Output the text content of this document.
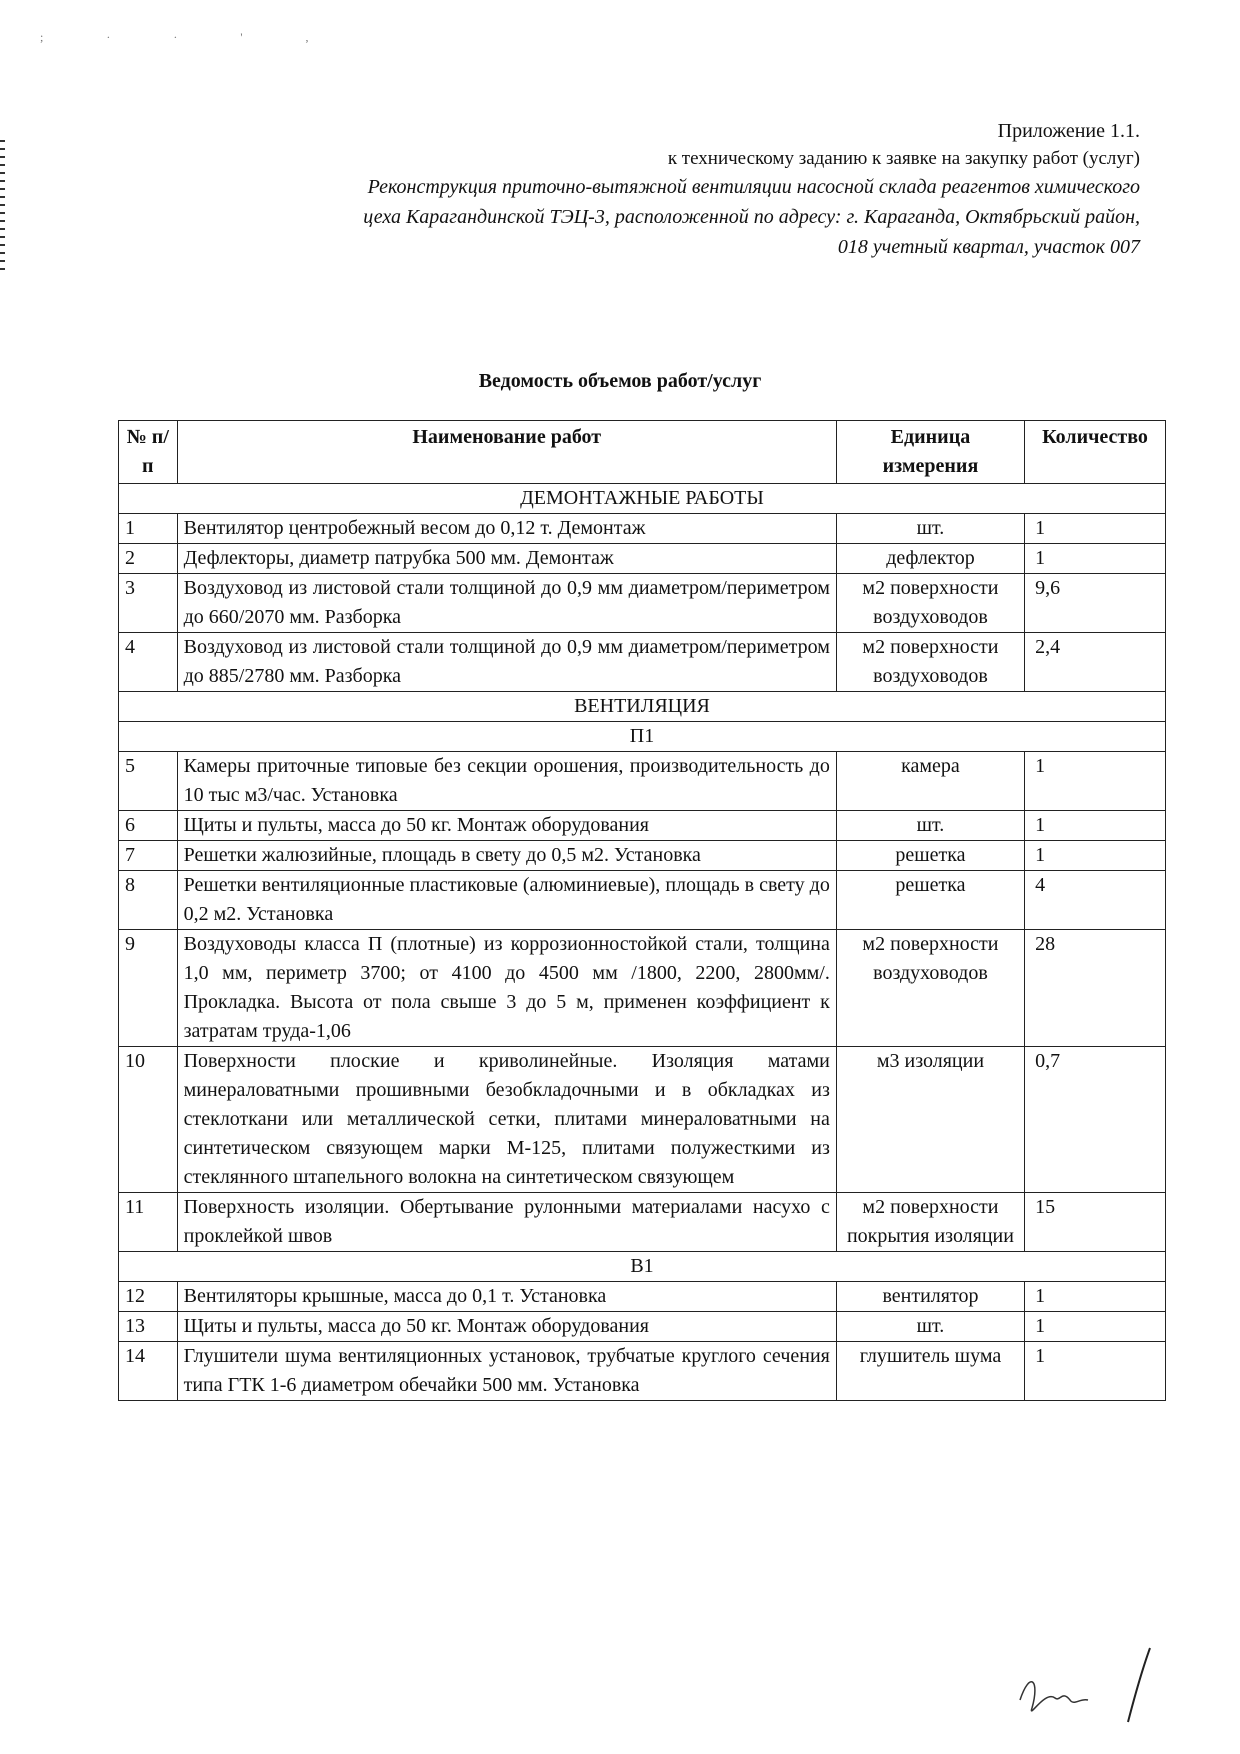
; · · ' ,
Приложение 1.1.
к техническому заданию к заявке на закупку работ (услуг)
Реконструкция приточно-вытяжной вентиляции насосной склада реагентов химического
цеха Карагандинской ТЭЦ-3, расположенной по адресу: г. Караганда, Октябрьский район,
018 учетный квартал, участок 007
Ведомость объемов работ/услуг
№ п/п	Наименование работ	Единица измерения	Количество
ДЕМОНТАЖНЫЕ РАБОТЫ			
1	Вентилятор центробежный весом до 0,12 т. Демонтаж	шт.	1
2	Дефлекторы, диаметр патрубка 500 мм. Демонтаж	дефлектор	1
3	Воздуховод из листовой стали толщиной до 0,9 мм диаметром/периметром до 660/2070 мм. Разборка	м2 поверхности воздуховодов	9,6
4	Воздуховод из листовой стали толщиной до 0,9 мм диаметром/периметром до 885/2780 мм. Разборка	м2 поверхности воздуховодов	2,4
ВЕНТИЛЯЦИЯ			
П1			
5	Камеры приточные типовые без секции орошения, производительность до 10 тыс м3/час. Установка	камера	1
6	Щиты и пульты, масса до 50 кг. Монтаж оборудования	шт.	1
7	Решетки жалюзийные, площадь в свету до 0,5 м2. Установка	решетка	1
8	Решетки вентиляционные пластиковые (алюминиевые), площадь в свету до 0,2 м2. Установка	решетка	4
9	Воздуховоды класса П (плотные) из коррозионностойкой стали, толщина 1,0 мм, периметр 3700; от 4100 до 4500 мм /1800, 2200, 2800мм/. Прокладка. Высота от пола свыше 3 до 5 м, применен коэффициент к затратам труда-1,06	м2 поверхности воздуховодов	28
10	Поверхности плоские и криволинейные. Изоляция матами минераловатными прошивными безобкладочными и в обкладках из стеклоткани или металлической сетки, плитами минераловатными на синтетическом связующем марки М-125, плитами полужесткими из стеклянного штапельного волокна на синтетическом связующем	м3 изоляции	0,7
11	Поверхность изоляции. Обертывание рулонными материалами насухо с проклейкой швов	м2 поверхности покрытия изоляции	15
В1			
12	Вентиляторы крышные, масса до 0,1 т. Установка	вентилятор	1
13	Щиты и пульты, масса до 50 кг. Монтаж оборудования	шт.	1
14	Глушители шума вентиляционных установок, трубчатые круглого сечения типа ГТК 1-6 диаметром обечайки 500 мм. Установка	глушитель шума	1
